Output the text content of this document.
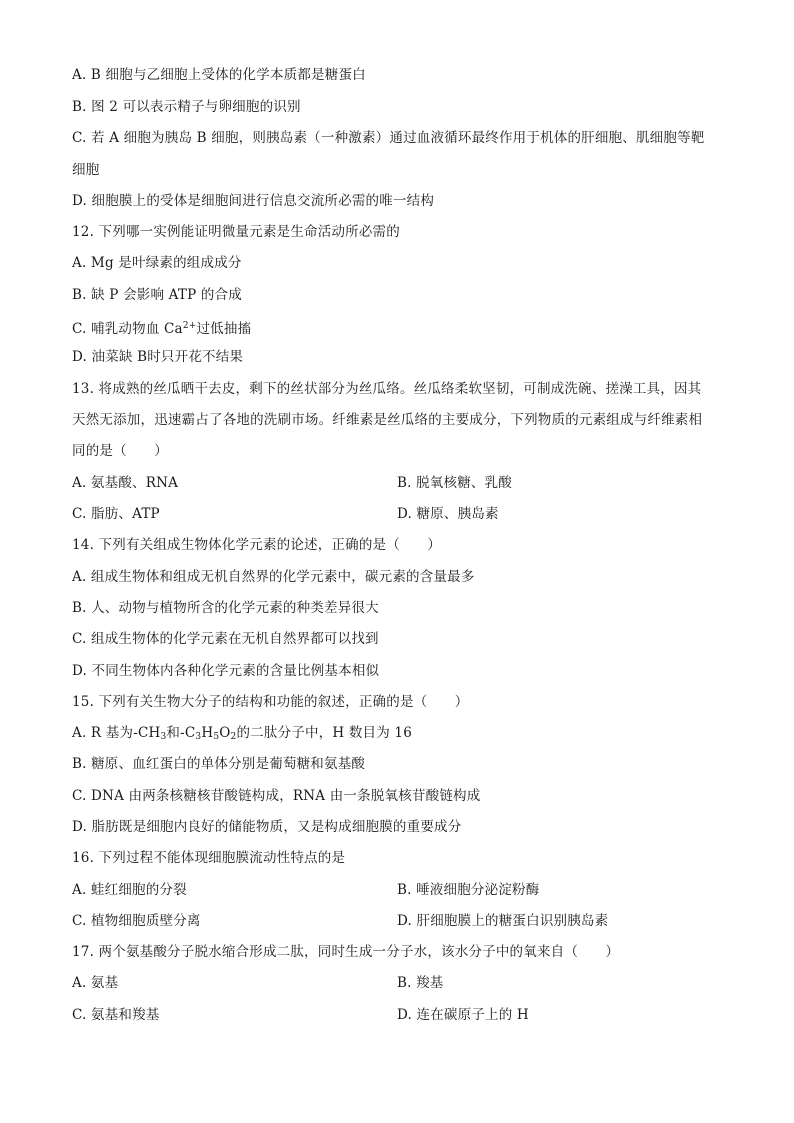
A. B 细胞与乙细胞上受体的化学本质都是糖蛋白
B. 图 2 可以表示精子与卵细胞的识别
C. 若 A 细胞为胰岛 B 细胞，则胰岛素（一种激素）通过血液循环最终作用于机体的肝细胞、肌细胞等靶
细胞
D. 细胞膜上的受体是细胞间进行信息交流所必需的唯一结构
12. 下列哪一实例能证明微量元素是生命活动所必需的
A. Mg 是叶绿素的组成成分
B. 缺 P 会影响 ATP 的合成
C. 哺乳动物血 $Ca^{2+}$过低抽搐
D. 油菜缺 B时只开花不结果
13. 将成熟的丝瓜晒干去皮，剩下的丝状部分为丝瓜络。丝瓜络柔软坚韧，可制成洗碗、搓澡工具，因其
天然无添加，迅速霸占了各地的洗刷市场。纤维素是丝瓜络的主要成分，下列物质的元素组成与纤维素相
同的是（　　）
A. 氨基酸、RNA	B. 脱氧核糖、乳酸
C. 脂肪、ATP	D. 糖原、胰岛素
14. 下列有关组成生物体化学元素的论述，正确的是（　　）
A. 组成生物体和组成无机自然界的化学元素中，碳元素的含量最多
B. 人、动物与植物所含的化学元素的种类差异很大
C. 组成生物体的化学元素在无机自然界都可以找到
D. 不同生物体内各种化学元素的含量比例基本相似
15. 下列有关生物大分子的结构和功能的叙述，正确的是（　　）
A. R 基为$-CH_3$和$-C_3H_5O_2$的二肽分子中，H 数目为 16
B. 糖原、血红蛋白的单体分别是葡萄糖和氨基酸
C. DNA 由两条核糖核苷酸链构成，RNA 由一条脱氧核苷酸链构成
D. 脂肪既是细胞内良好的储能物质，又是构成细胞膜的重要成分
16. 下列过程不能体现细胞膜流动性特点的是
A. 蛙红细胞的分裂	B. 唾液细胞分泌淀粉酶
C. 植物细胞质壁分离	D. 肝细胞膜上的糖蛋白识别胰岛素
17. 两个氨基酸分子脱水缩合形成二肽，同时生成一分子水，该水分子中的氧来自（　　）
A. 氨基	B. 羧基
C. 氨基和羧基	D. 连在碳原子上的 H
